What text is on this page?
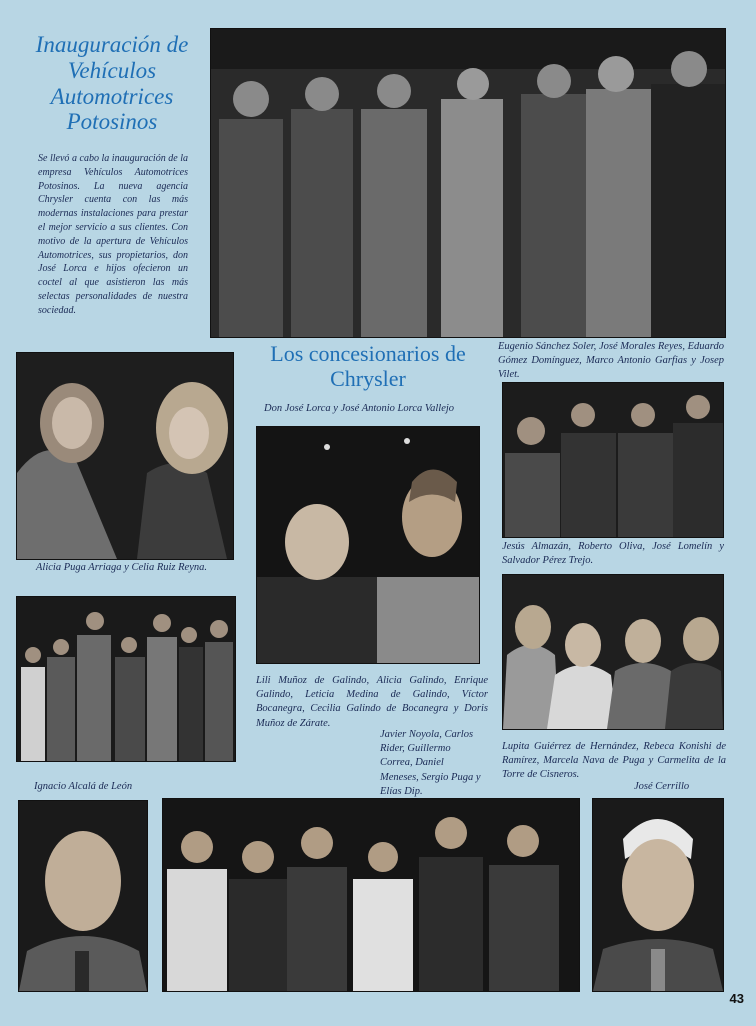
Inauguración de Vehículos Automotrices Potosinos

Se llevó a cabo la inauguración de la empresa Vehículos Automotrices Potosinos. La nueva agencia Chrysler cuenta con las más modernas instalaciones para prestar el mejor servicio a sus clientes. Con motivo de la apertura de Vehículos Automotrices, sus propietarios, don José Lorca e hijos ofecieron un coctel al que asistieron las más selectas personalidades de nuestra sociedad.

Eugenio Sánchez Soler, José Morales Reyes, Eduardo Gómez Domínguez, Marco Antonio Garfias y Josep Vilet.

Alicia Puga Arriaga y Celia Ruiz Reyna.

Los concesionarios de Chrysler

Don José Lorca y José Antonio Lorca Vallejo

Jesús Almazán, Roberto Oliva, José Lomelín y Salvador Pérez Trejo.

Lili Muñoz de Galindo, Alicia Galindo, Enrique Galindo, Leticia Medina de Galindo, Víctor Bocanegra, Cecilia Galindo de Bocanegra y Doris Muñoz de Zárate.

Javier Noyola, Carlos Rider, Guillermo Correa, Daniel Meneses, Sergio Puga y Elías Dip.

Lupita Guiérrez de Hernández, Rebeca Konishi de Ramírez, Marcela Nava de Puga y Carmelita de la Torre de Cisneros.

Ignacio Alcalá de León	José Cerrillo

43
